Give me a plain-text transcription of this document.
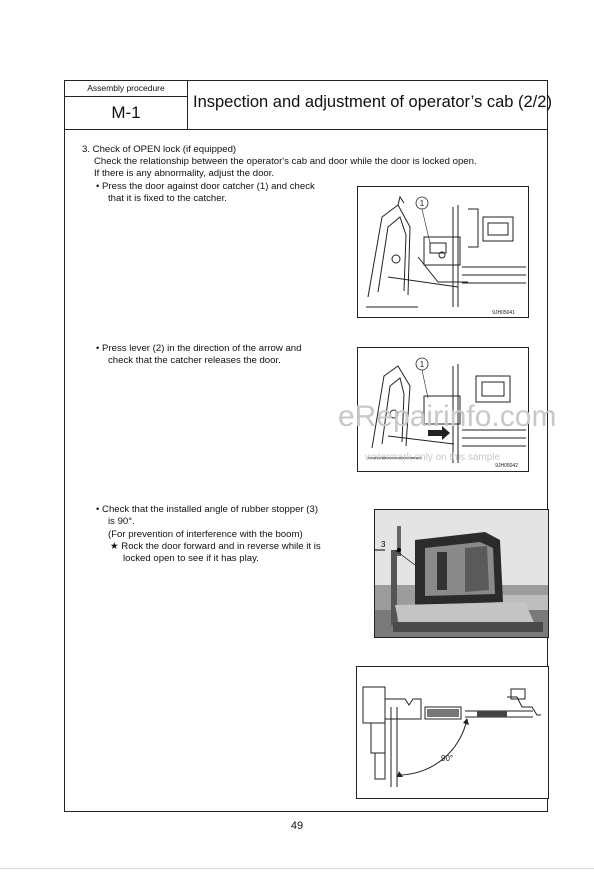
Assembly procedure
M-1
Inspection and adjustment of operator’s cab (2/2)
3. Check of OPEN lock (if equipped)
Check the relationship between the operator's cab and door while the door is locked open.
If there is any abnormality, adjust the door.
• Press the door against door catcher (1) and check
that it is fixed to the catcher.
• Press lever (2) in the direction of the arrow and
check that the catcher releases the door.
• Check that the installed angle of rubber stopper (3)
is 90°.
(For prevention of interference with the boom)
★ Rock the door forward and in reverse while it is
locked open to see if it has play.
1
9JH05041
1
9JH05042
3
90°
eRepairinfo.com
watermark only on this sample
49
